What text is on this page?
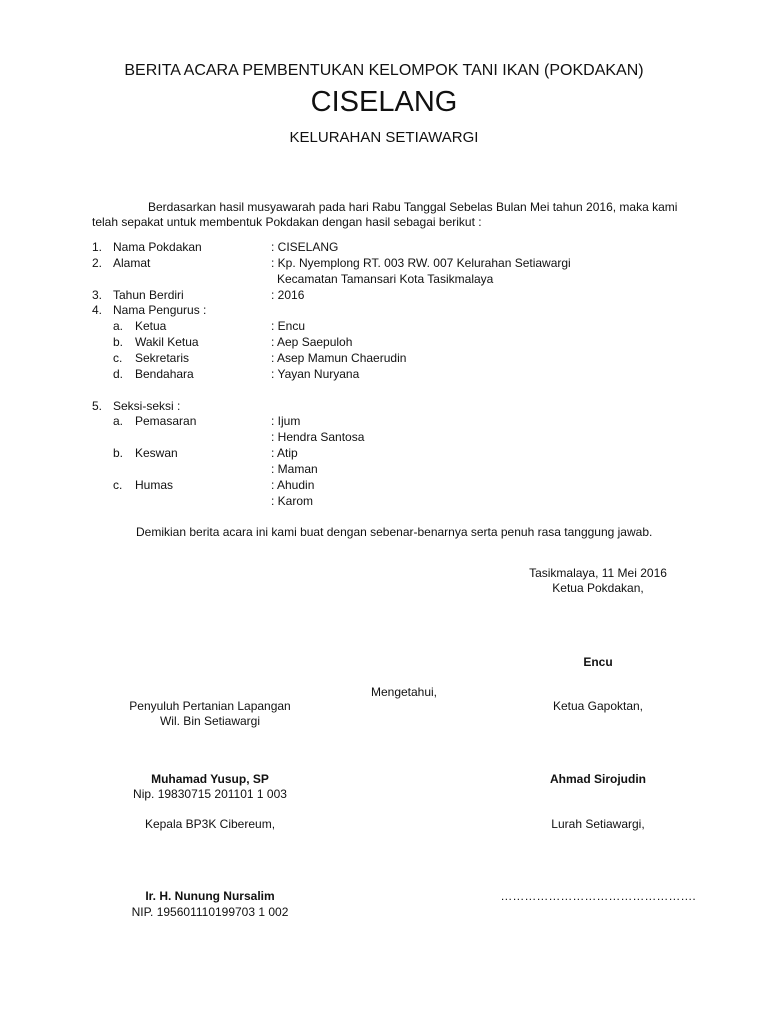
BERITA ACARA PEMBENTUKAN KELOMPOK TANI IKAN (POKDAKAN)
CISELANG
KELURAHAN SETIAWARGI
Berdasarkan hasil musyawarah pada hari Rabu Tanggal Sebelas Bulan Mei tahun 2016, maka kami
telah sepakat untuk membentuk Pokdakan dengan hasil sebagai berikut :
1. Nama Pokdakan	: CISELANG
2. Alamat	: Kp. Nyemplong RT. 003 RW. 007 Kelurahan Setiawargi
Kecamatan Tamansari Kota Tasikmalaya
3. Tahun Berdiri	: 2016
4. Nama Pengurus :
a. Ketua	: Encu
b. Wakil Ketua	: Aep Saepuloh
c. Sekretaris	: Asep Mamun Chaerudin
d. Bendahara	: Yayan Nuryana
5. Seksi-seksi :
a. Pemasaran	: Ijum
: Hendra Santosa
b. Keswan	: Atip
: Maman
c. Humas	: Ahudin
: Karom
Demikian berita acara ini kami buat dengan sebenar-benarnya serta penuh rasa tanggung jawab.
Tasikmalaya, 11 Mei 2016
Ketua Pokdakan,
Encu
Mengetahui,
Penyuluh Pertanian Lapangan
Wil. Bin Setiawargi
Ketua Gapoktan,
Muhamad Yusup, SP
Nip. 19830715 201101 1 003
Ahmad Sirojudin
Kepala BP3K Cibereum,	Lurah Setiawargi,
Ir. H. Nunung Nursalim
NIP. 195601110199703 1 002
………………………………………….
